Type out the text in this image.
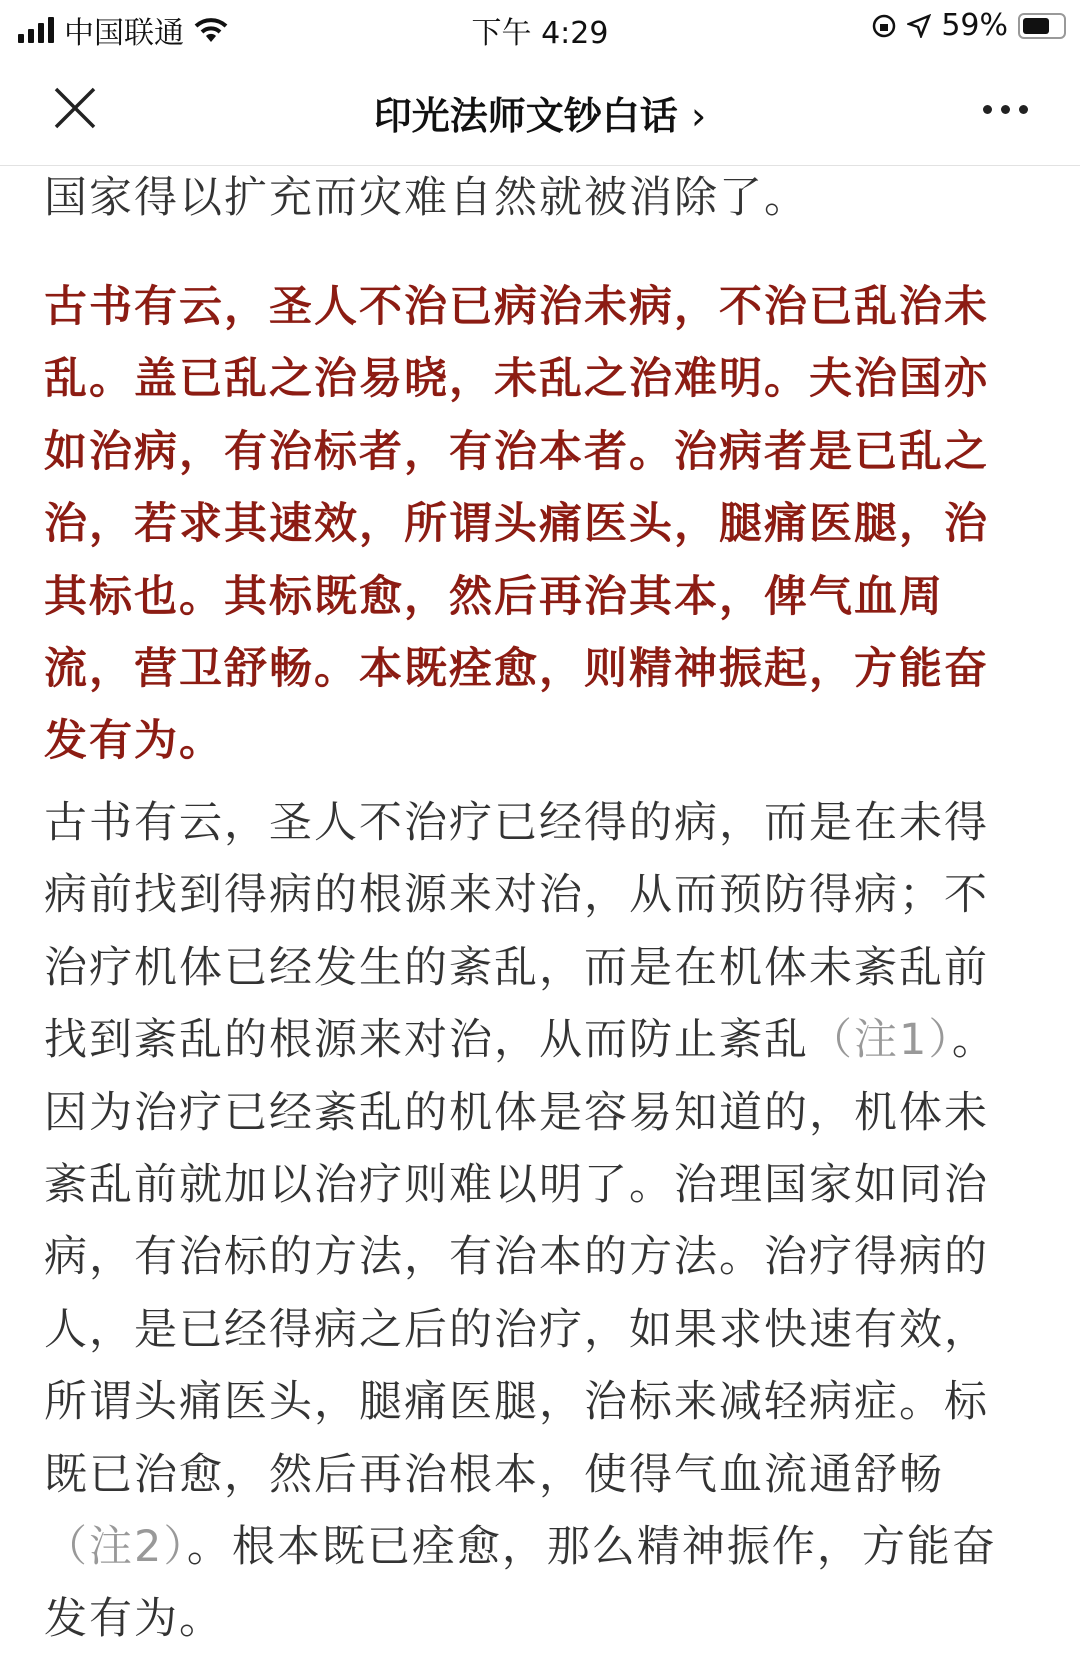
中国联通	下午 4:29	59%
印光法师文钞白话 ›
国家得以扩充而灾难自然就被消除了。
古书有云，圣人不治已病治未病，不治已乱治未
乱。盖已乱之治易晓，未乱之治难明。夫治国亦
如治病，有治标者，有治本者。治病者是已乱之
治，若求其速效，所谓头痛医头，腿痛医腿，治
其标也。其标既愈，然后再治其本，俾气血周
流，营卫舒畅。本既痊愈，则精神振起，方能奋
发有为。
古书有云，圣人不治疗已经得的病，而是在未得
病前找到得病的根源来对治，从而预防得病；不
治疗机体已经发生的紊乱，而是在机体未紊乱前
找到紊乱的根源来对治，从而防止紊乱（注1）。
因为治疗已经紊乱的机体是容易知道的，机体未
紊乱前就加以治疗则难以明了。治理国家如同治
病，有治标的方法，有治本的方法。治疗得病的
人，是已经得病之后的治疗，如果求快速有效，
所谓头痛医头，腿痛医腿，治标来减轻病症。标
既已治愈，然后再治根本，使得气血流通舒畅
（注2）。根本既已痊愈，那么精神振作，方能奋
发有为。
